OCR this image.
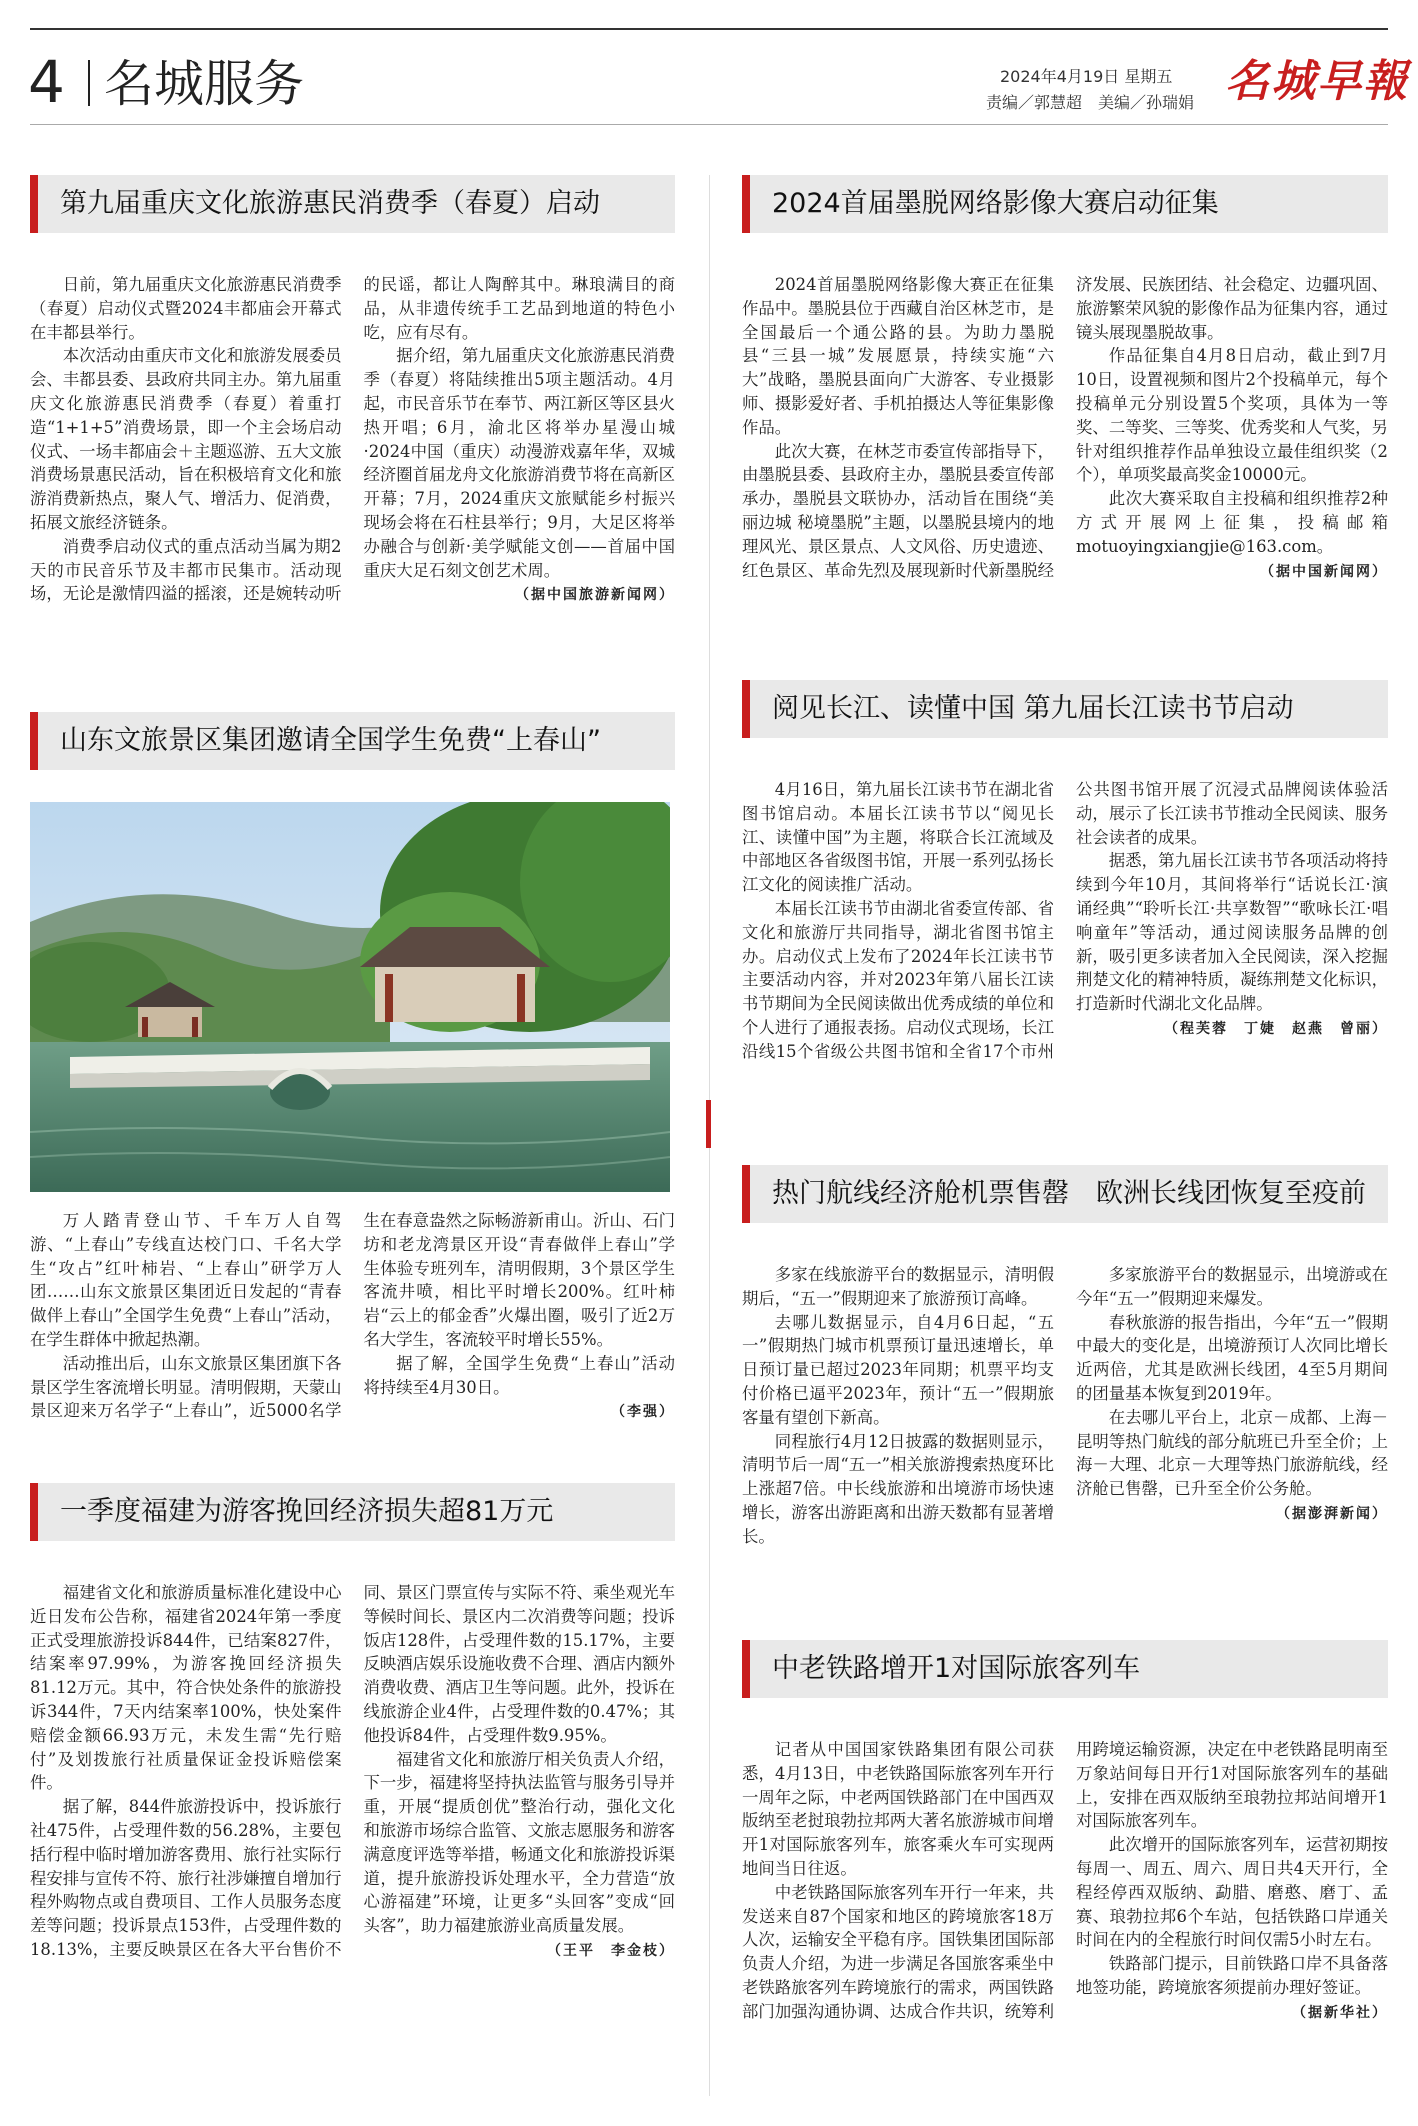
4 名城服务	2024年4月19日 星期五
责编／郭慧超　美编／孙瑞娟 名城早報
第九届重庆文化旅游惠民消费季（春夏）启动

日前，第九届重庆文化旅游惠民消费季（春夏）启动仪式暨2024丰都庙会开幕式在丰都县举行。

本次活动由重庆市文化和旅游发展委员会、丰都县委、县政府共同主办。第九届重庆文化旅游惠民消费季（春夏）着重打造“1+1+5”消费场景，即一个主会场启动仪式、一场丰都庙会＋主题巡游、五大文旅消费场景惠民活动，旨在积极培育文化和旅游消费新热点，聚人气、增活力、促消费，拓展文旅经济链条。

消费季启动仪式的重点活动当属为期2天的市民音乐节及丰都市民集市。活动现场，无论是激情四溢的摇滚，还是婉转动听的民谣，都让人陶醉其中。琳琅满目的商品，从非遗传统手工艺品到地道的特色小吃，应有尽有。

据介绍，第九届重庆文化旅游惠民消费季（春夏）将陆续推出5项主题活动。4月起，市民音乐节在奉节、两江新区等区县火热开唱；6月，渝北区将举办星漫山城·2024中国（重庆）动漫游戏嘉年华，双城经济圈首届龙舟文化旅游消费节将在高新区开幕；7月，2024重庆文旅赋能乡村振兴现场会将在石柱县举行；9月，大足区将举办融合与创新·美学赋能文创——首届中国重庆大足石刻文创艺术周。

（据中国旅游新闻网）
山东文旅景区集团邀请全国学生免费“上春山”

万人踏青登山节、千车万人自驾游、“上春山”专线直达校门口、千名大学生“攻占”红叶柿岩、“上春山”研学万人团……山东文旅景区集团近日发起的“青春做伴上春山”全国学生免费“上春山”活动，在学生群体中掀起热潮。

活动推出后，山东文旅景区集团旗下各景区学生客流增长明显。清明假期，天蒙山景区迎来万名学子“上春山”，近5000名学生在春意盎然之际畅游新甫山。沂山、石门坊和老龙湾景区开设“青春做伴上春山”学生体验专班列车，清明假期，3个景区学生客流井喷，相比平时增长200%。红叶柿岩“云上的郁金香”火爆出圈，吸引了近2万名大学生，客流较平时增长55%。

据了解，全国学生免费“上春山”活动将持续至4月30日。

（李强）
一季度福建为游客挽回经济损失超81万元

福建省文化和旅游质量标准化建设中心近日发布公告称，福建省2024年第一季度正式受理旅游投诉844件，已结案827件，结案率97.99%，为游客挽回经济损失81.12万元。其中，符合快处条件的旅游投诉344件，7天内结案率100%，快处案件赔偿金额66.93万元，未发生需“先行赔付”及划拨旅行社质量保证金投诉赔偿案件。

据了解，844件旅游投诉中，投诉旅行社475件，占受理件数的56.28%，主要包括行程中临时增加游客费用、旅行社实际行程安排与宣传不符、旅行社涉嫌擅自增加行程外购物点或自费项目、工作人员服务态度差等问题；投诉景点153件，占受理件数的18.13%，主要反映景区在各大平台售价不同、景区门票宣传与实际不符、乘坐观光车等候时间长、景区内二次消费等问题；投诉饭店128件，占受理件数的15.17%，主要反映酒店娱乐设施收费不合理、酒店内额外消费收费、酒店卫生等问题。此外，投诉在线旅游企业4件，占受理件数的0.47%；其他投诉84件，占受理件数9.95%。

福建省文化和旅游厅相关负责人介绍，下一步，福建将坚持执法监管与服务引导并重，开展“提质创优”整治行动，强化文化和旅游市场综合监管、文旅志愿服务和游客满意度评选等举措，畅通文化和旅游投诉渠道，提升旅游投诉处理水平，全力营造“放心游福建”环境，让更多“头回客”变成“回头客”，助力福建旅游业高质量发展。

（王平　李金枝）
2024首届墨脱网络影像大赛启动征集

2024首届墨脱网络影像大赛正在征集作品中。墨脱县位于西藏自治区林芝市，是全国最后一个通公路的县。为助力墨脱县“三县一城”发展愿景，持续实施“六大”战略，墨脱县面向广大游客、专业摄影师、摄影爱好者、手机拍摄达人等征集影像作品。

此次大赛，在林芝市委宣传部指导下，由墨脱县委、县政府主办，墨脱县委宣传部承办，墨脱县文联协办，活动旨在围绕“美丽边城 秘境墨脱”主题，以墨脱县境内的地理风光、景区景点、人文风俗、历史遗迹、红色景区、革命先烈及展现新时代新墨脱经济发展、民族团结、社会稳定、边疆巩固、旅游繁荣风貌的影像作品为征集内容，通过镜头展现墨脱故事。

作品征集自4月8日启动，截止到7月10日，设置视频和图片2个投稿单元，每个投稿单元分别设置5个奖项，具体为一等奖、二等奖、三等奖、优秀奖和人气奖，另针对组织推荐作品单独设立最佳组织奖（2个），单项奖最高奖金10000元。

此次大赛采取自主投稿和组织推荐2种方式开展网上征集，投稿邮箱motuoyingxiangjie@163.com。

（据中国新闻网）
阅见长江、读懂中国 第九届长江读书节启动

4月16日，第九届长江读书节在湖北省图书馆启动。本届长江读书节以“阅见长江、读懂中国”为主题，将联合长江流域及中部地区各省级图书馆，开展一系列弘扬长江文化的阅读推广活动。

本届长江读书节由湖北省委宣传部、省文化和旅游厅共同指导，湖北省图书馆主办。启动仪式上发布了2024年长江读书节主要活动内容，并对2023年第八届长江读书节期间为全民阅读做出优秀成绩的单位和个人进行了通报表扬。启动仪式现场，长江沿线15个省级公共图书馆和全省17个市州公共图书馆开展了沉浸式品牌阅读体验活动，展示了长江读书节推动全民阅读、服务社会读者的成果。

据悉，第九届长江读书节各项活动将持续到今年10月，其间将举行“话说长江·演诵经典”“聆听长江·共享数智”“歌咏长江·唱响童年”等活动，通过阅读服务品牌的创新，吸引更多读者加入全民阅读，深入挖掘荆楚文化的精神特质，凝练荆楚文化标识，打造新时代湖北文化品牌。

（程芙蓉　丁婕　赵燕　曾丽）
热门航线经济舱机票售罄　欧洲长线团恢复至疫前

多家在线旅游平台的数据显示，清明假期后，“五一”假期迎来了旅游预订高峰。

去哪儿数据显示，自4月6日起，“五一”假期热门城市机票预订量迅速增长，单日预订量已超过2023年同期；机票平均支付价格已逼平2023年，预计“五一”假期旅客量有望创下新高。

同程旅行4月12日披露的数据则显示，清明节后一周“五一”相关旅游搜索热度环比上涨超7倍。中长线旅游和出境游市场快速增长，游客出游距离和出游天数都有显著增长。

多家旅游平台的数据显示，出境游或在今年“五一”假期迎来爆发。

春秋旅游的报告指出，今年“五一”假期中最大的变化是，出境游预订人次同比增长近两倍，尤其是欧洲长线团，4至5月期间的团量基本恢复到2019年。

在去哪儿平台上，北京－成都、上海－昆明等热门航线的部分航班已升至全价；上海－大理、北京－大理等热门旅游航线，经济舱已售罄，已升至全价公务舱。

（据澎湃新闻）
中老铁路增开1对国际旅客列车

记者从中国国家铁路集团有限公司获悉，4月13日，中老铁路国际旅客列车开行一周年之际，中老两国铁路部门在中国西双版纳至老挝琅勃拉邦两大著名旅游城市间增开1对国际旅客列车，旅客乘火车可实现两地间当日往返。

中老铁路国际旅客列车开行一年来，共发送来自87个国家和地区的跨境旅客18万人次，运输安全平稳有序。国铁集团国际部负责人介绍，为进一步满足各国旅客乘坐中老铁路旅客列车跨境旅行的需求，两国铁路部门加强沟通协调、达成合作共识，统筹利用跨境运输资源，决定在中老铁路昆明南至万象站间每日开行1对国际旅客列车的基础上，安排在西双版纳至琅勃拉邦站间增开1对国际旅客列车。

此次增开的国际旅客列车，运营初期按每周一、周五、周六、周日共4天开行，全程经停西双版纳、勐腊、磨憨、磨丁、孟赛、琅勃拉邦6个车站，包括铁路口岸通关时间在内的全程旅行时间仅需5小时左右。

铁路部门提示，目前铁路口岸不具备落地签功能，跨境旅客须提前办理好签证。

（据新华社）
